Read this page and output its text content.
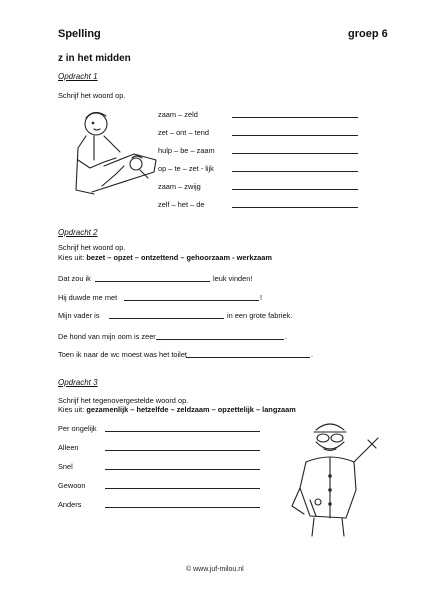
Spelling	groep 6
z in het midden
Opdracht 1
Schrijf het woord op.
zaam – zeld
zet – ont – tend
hulp – be – zaam
op – te – zet - lijk
zaam – zwijg
zelf – het – de
Opdracht 2
Schrijf het woord op.
Kies uit: bezet – opzet – ontzettend – gehoorzaam - werkzaam
Dat zou ik	leuk vinden!
Hij duwde me met	!
Mijn vader is	in een grote fabriek.
De hond van mijn oom is zeer	.
Toen ik naar de wc moest was het toilet	.
Opdracht 3
Schrijf het tegenovergestelde woord op.
Kies uit: gezamenlijk – hetzelfde – zeldzaam – opzettelijk – langzaam
Per ongelijk
Alleen
Snel
Gewoon
Anders
© www.juf-milou.nl
